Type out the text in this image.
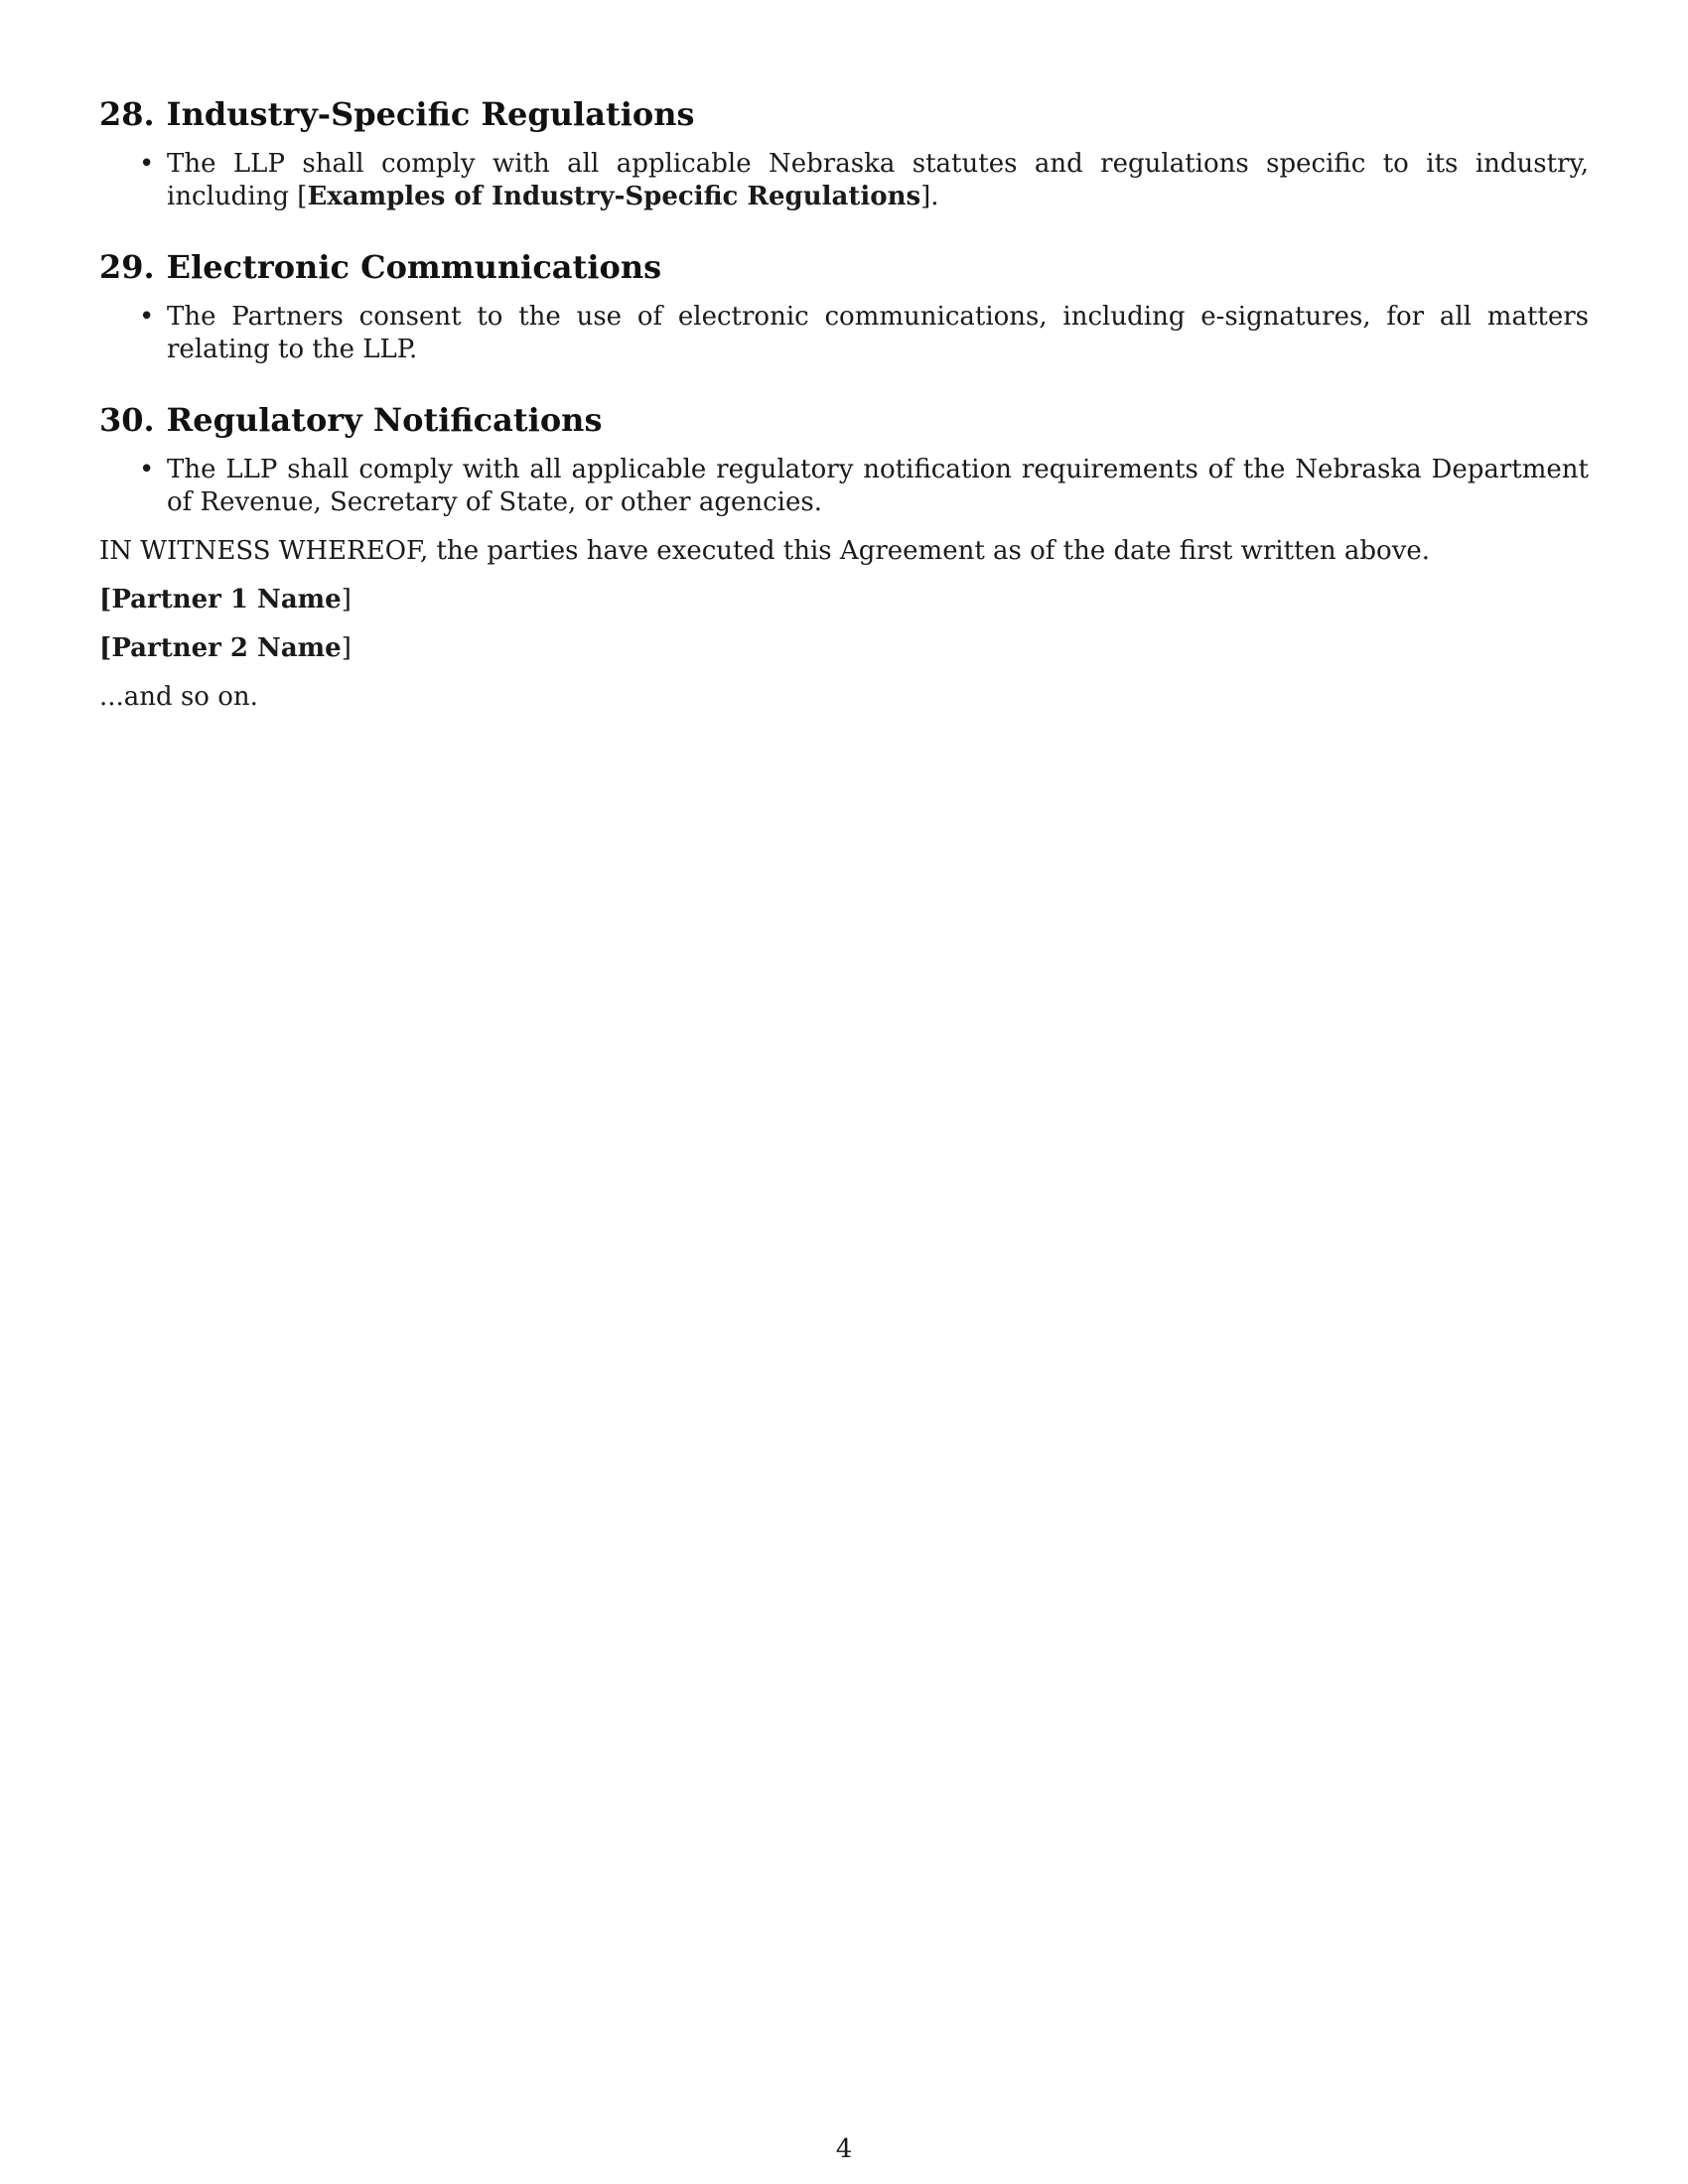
28. Industry-Specific Regulations
• The LLP shall comply with all applicable Nebraska statutes and regulations specific to its industry, including [Examples of Industry-Specific Regulations].
29. Electronic Communications
• The Partners consent to the use of electronic communications, including e-signatures, for all matters relating to the LLP.
30. Regulatory Notifications
• The LLP shall comply with all applicable regulatory notification requirements of the Nebraska Department of Revenue, Secretary of State, or other agencies.

IN WITNESS WHEREOF, the parties have executed this Agreement as of the date first written above.

[Partner 1 Name]

[Partner 2 Name]

...and so on.

4
